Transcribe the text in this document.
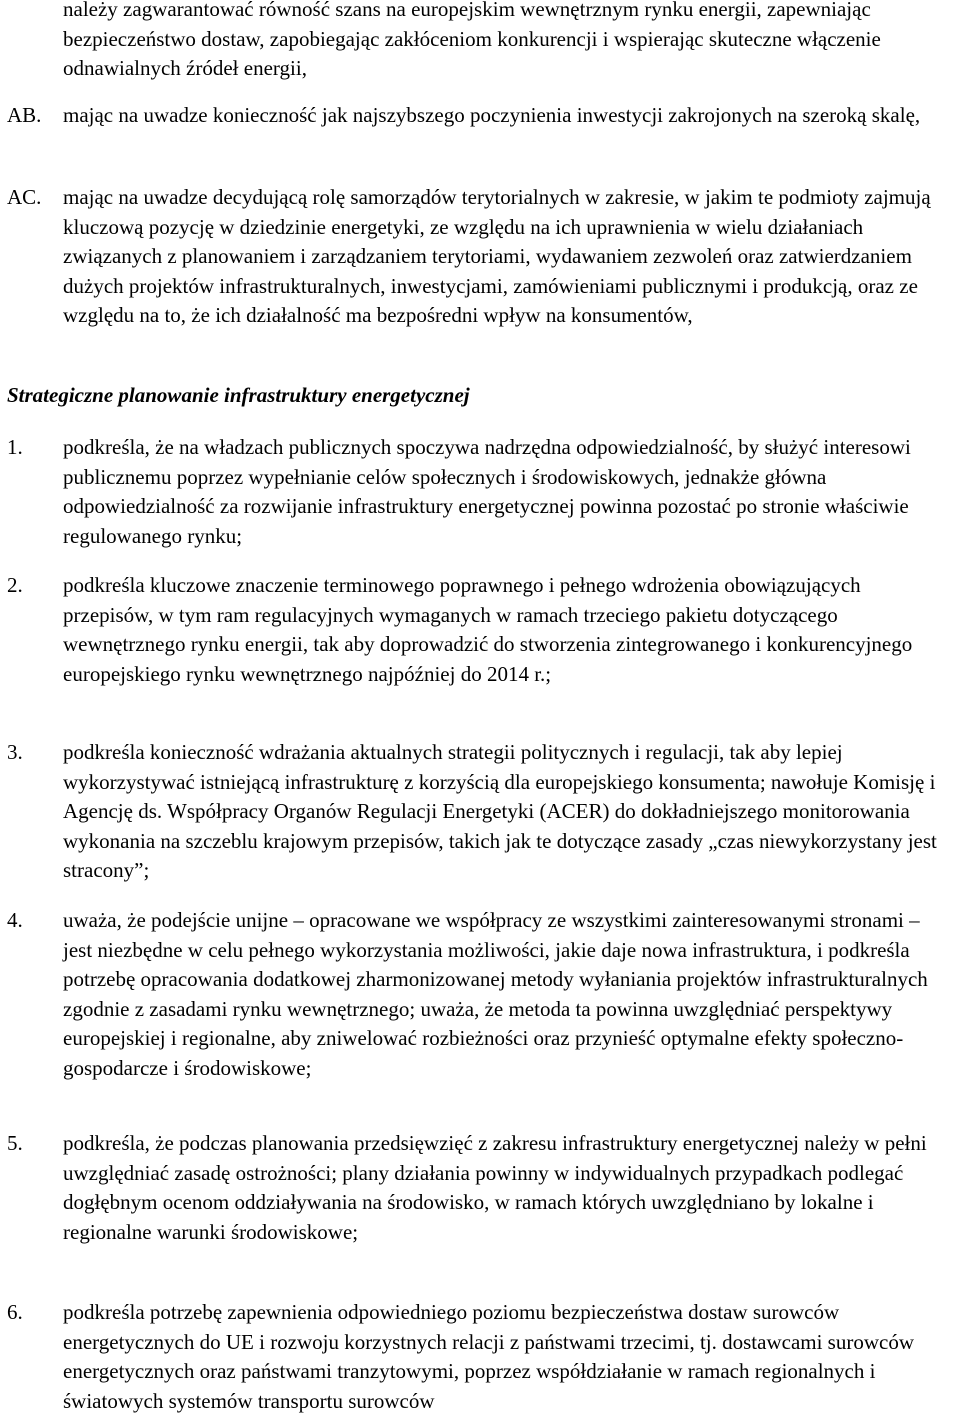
należy zagwarantować równość szans na europejskim wewnętrznym rynku energii, zapewniając bezpieczeństwo dostaw, zapobiegając zakłóceniom konkurencji i wspierając skuteczne włączenie odnawialnych źródeł energii,
AB.	mając na uwadze konieczność jak najszybszego poczynienia inwestycji zakrojonych na szeroką skalę,
AC.	mając na uwadze decydującą rolę samorządów terytorialnych w zakresie, w jakim te podmioty zajmują kluczową pozycję w dziedzinie energetyki, ze względu na ich uprawnienia w wielu działaniach związanych z planowaniem i zarządzaniem terytoriami, wydawaniem zezwoleń oraz zatwierdzaniem dużych projektów infrastrukturalnych, inwestycjami, zamówieniami publicznymi i produkcją, oraz ze względu na to, że ich działalność ma bezpośredni wpływ na konsumentów,
Strategiczne planowanie infrastruktury energetycznej
1.	podkreśla, że na władzach publicznych spoczywa nadrzędna odpowiedzialność, by służyć interesowi publicznemu poprzez wypełnianie celów społecznych i środowiskowych, jednakże główna odpowiedzialność za rozwijanie infrastruktury energetycznej powinna pozostać po stronie właściwie regulowanego rynku;
2.	podkreśla kluczowe znaczenie terminowego poprawnego i pełnego wdrożenia obowiązujących przepisów, w tym ram regulacyjnych wymaganych w ramach trzeciego pakietu dotyczącego wewnętrznego rynku energii, tak aby doprowadzić do stworzenia zintegrowanego i konkurencyjnego europejskiego rynku wewnętrznego najpóźniej do 2014 r.;
3.	podkreśla konieczność wdrażania aktualnych strategii politycznych i regulacji, tak aby lepiej wykorzystywać istniejącą infrastrukturę z korzyścią dla europejskiego konsumenta; nawołuje Komisję i Agencję ds. Współpracy Organów Regulacji Energetyki (ACER) do dokładniejszego monitorowania wykonania na szczeblu krajowym przepisów, takich jak te dotyczące zasady „czas niewykorzystany jest stracony”;
4.	uważa, że podejście unijne – opracowane we współpracy ze wszystkimi zainteresowanymi stronami – jest niezbędne w celu pełnego wykorzystania możliwości, jakie daje nowa infrastruktura, i podkreśla potrzebę opracowania dodatkowej zharmonizowanej metody wyłaniania projektów infrastrukturalnych zgodnie z zasadami rynku wewnętrznego; uważa, że metoda ta powinna uwzględniać perspektywy europejskiej i regionalne, aby zniwelować rozbieżności oraz przynieść optymalne efekty społeczno-gospodarcze i środowiskowe;
5.	podkreśla, że podczas planowania przedsięwzięć z zakresu infrastruktury energetycznej należy w pełni uwzględniać zasadę ostrożności; plany działania powinny w indywidualnych przypadkach podlegać dogłębnym ocenom oddziaływania na środowisko, w ramach których uwzględniano by lokalne i regionalne warunki środowiskowe;
6.	podkreśla potrzebę zapewnienia odpowiedniego poziomu bezpieczeństwa dostaw surowców energetycznych do UE i rozwoju korzystnych relacji z państwami trzecimi, tj. dostawcami surowców energetycznych oraz państwami tranzytowymi, poprzez współdziałanie w ramach regionalnych i światowych systemów transportu surowców
